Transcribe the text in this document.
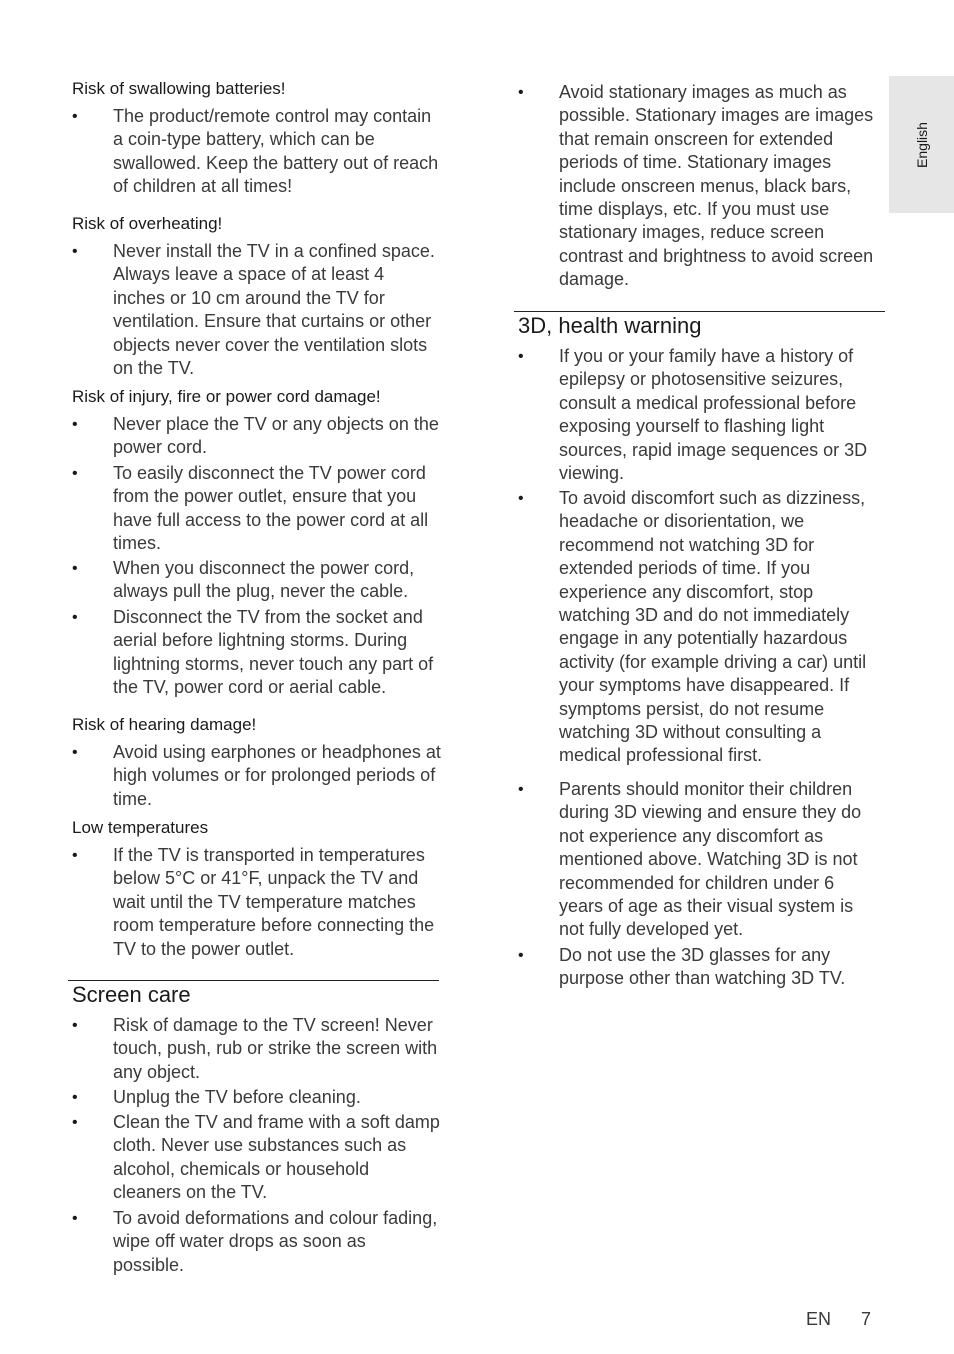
English
Risk of swallowing batteries!
• The product/remote control may contain a coin-type battery, which can be swallowed. Keep the battery out of reach of children at all times!

Risk of overheating!
• Never install the TV in a confined space. Always leave a space of at least 4 inches or 10 cm around the TV for ventilation. Ensure that curtains or other objects never cover the ventilation slots on the TV.

Risk of injury, fire or power cord damage!
• Never place the TV or any objects on the power cord.

• To easily disconnect the TV power cord from the power outlet, ensure that you have full access to the power cord at all times.

• When you disconnect the power cord, always pull the plug, never the cable.

• Disconnect the TV from the socket and aerial before lightning storms. During lightning storms, never touch any part of the TV, power cord or aerial cable.

Risk of hearing damage!
• Avoid using earphones or headphones at high volumes or for prolonged periods of time.

Low temperatures
• If the TV is transported in temperatures below 5°C or 41°F, unpack the TV and wait until the TV temperature matches room temperature before connecting the TV to the power outlet.

Screen care
• Risk of damage to the TV screen! Never touch, push, rub or strike the screen with any object.

• Unplug the TV before cleaning.

• Clean the TV and frame with a soft damp cloth. Never use substances such as alcohol, chemicals or household cleaners on the TV.

• To avoid deformations and colour fading, wipe off water drops as soon as possible.

• Avoid stationary images as much as possible. Stationary images are images that remain onscreen for extended periods of time. Stationary images include onscreen menus, black bars, time displays, etc. If you must use stationary images, reduce screen contrast and brightness to avoid screen damage.

3D, health warning
• If you or your family have a history of epilepsy or photosensitive seizures, consult a medical professional before exposing yourself to flashing light sources, rapid image sequences or 3D viewing.

• To avoid discomfort such as dizziness, headache or disorientation, we recommend not watching 3D for extended periods of time. If you experience any discomfort, stop watching 3D and do not immediately engage in any potentially hazardous activity (for example driving a car) until your symptoms have disappeared. If symptoms persist, do not resume watching 3D without consulting a medical professional first.

• Parents should monitor their children during 3D viewing and ensure they do not experience any discomfort as mentioned above. Watching 3D is not recommended for children under 6 years of age as their visual system is not fully developed yet.

• Do not use the 3D glasses for any purpose other than watching 3D TV.

EN 7
